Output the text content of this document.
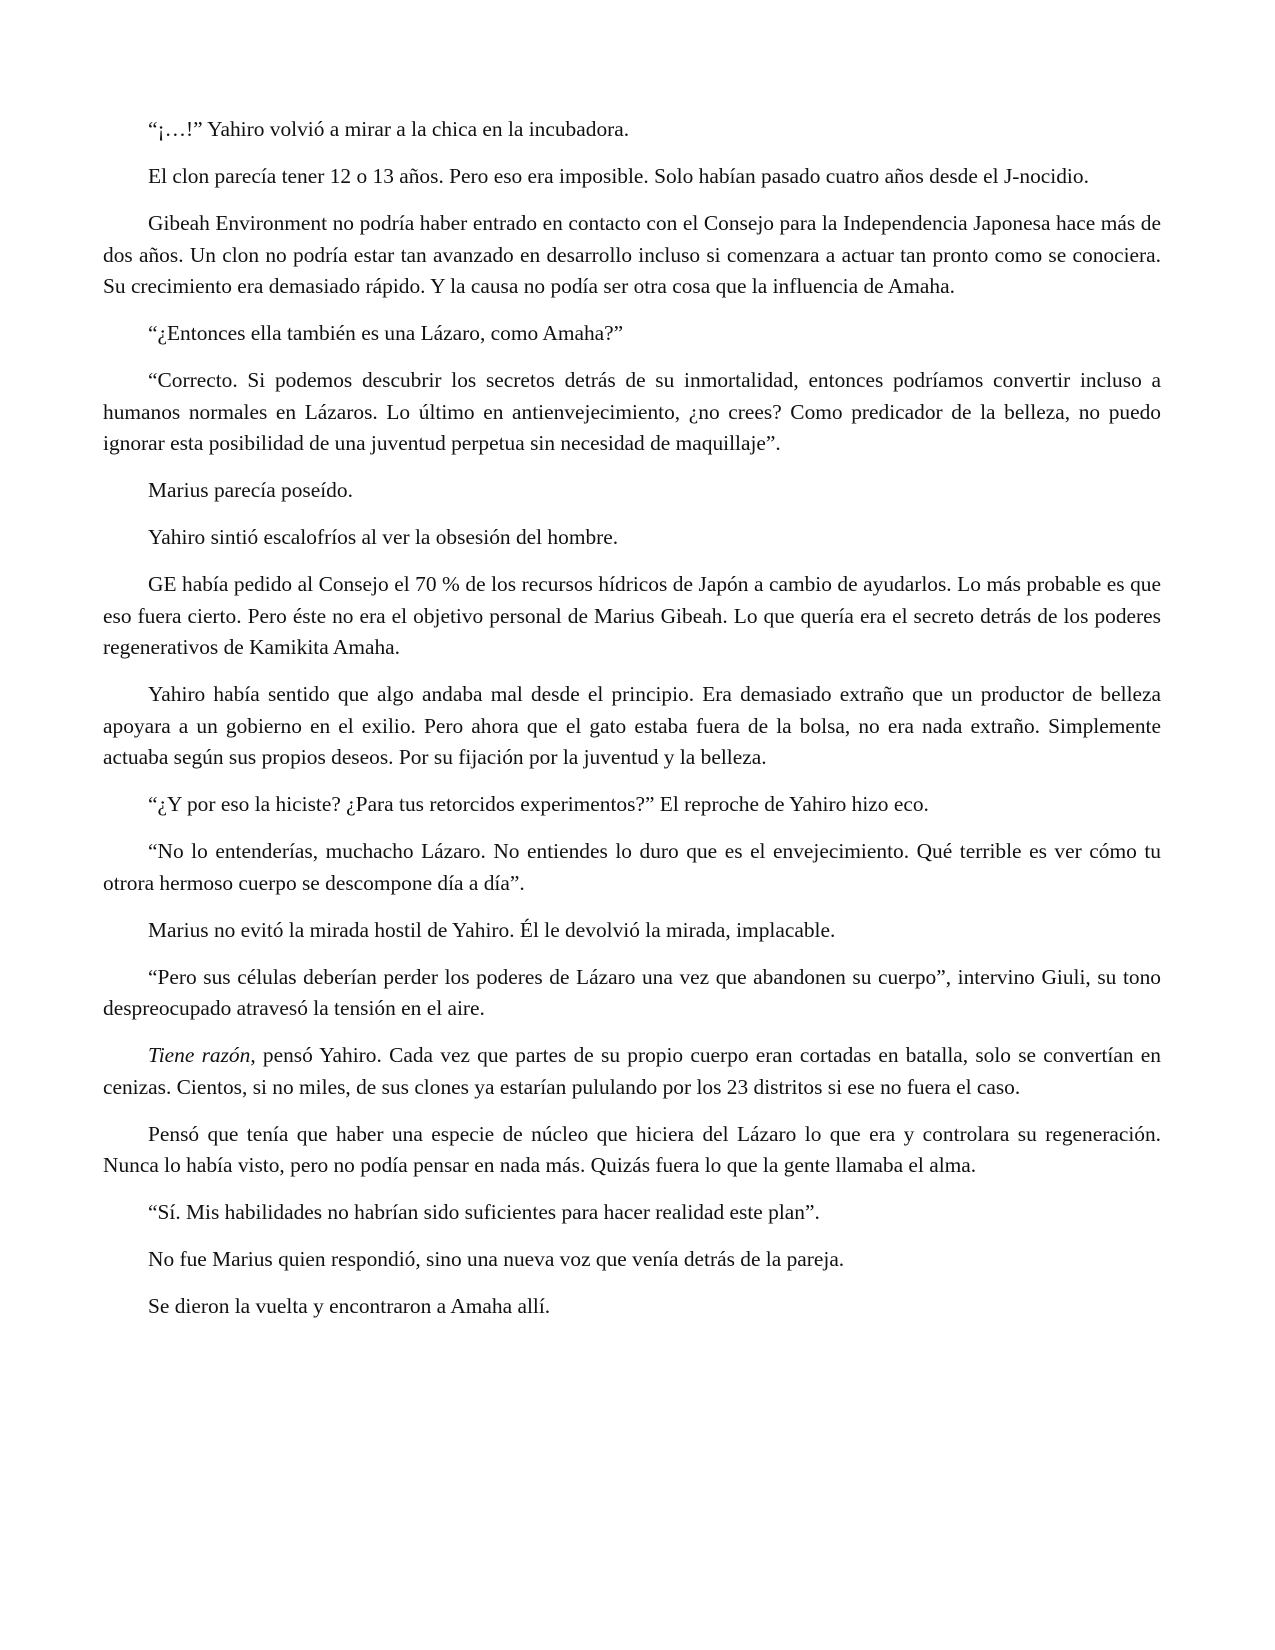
“¡…!” Yahiro volvió a mirar a la chica en la incubadora.

El clon parecía tener 12 o 13 años. Pero eso era imposible. Solo habían pasado cuatro años desde el J-nocidio.

Gibeah Environment no podría haber entrado en contacto con el Consejo para la Independencia Japonesa hace más de dos años. Un clon no podría estar tan avanzado en desarrollo incluso si comenzara a actuar tan pronto como se conociera. Su crecimiento era demasiado rápido. Y la causa no podía ser otra cosa que la influencia de Amaha.

“¿Entonces ella también es una Lázaro, como Amaha?”

“Correcto. Si podemos descubrir los secretos detrás de su inmortalidad, entonces podríamos convertir incluso a humanos normales en Lázaros. Lo último en antienvejecimiento, ¿no crees? Como predicador de la belleza, no puedo ignorar esta posibilidad de una juventud perpetua sin necesidad de maquillaje”.

Marius parecía poseído.

Yahiro sintió escalofríos al ver la obsesión del hombre.

GE había pedido al Consejo el 70 % de los recursos hídricos de Japón a cambio de ayudarlos. Lo más probable es que eso fuera cierto. Pero éste no era el objetivo personal de Marius Gibeah. Lo que quería era el secreto detrás de los poderes regenerativos de Kamikita Amaha.

Yahiro había sentido que algo andaba mal desde el principio. Era demasiado extraño que un productor de belleza apoyara a un gobierno en el exilio. Pero ahora que el gato estaba fuera de la bolsa, no era nada extraño. Simplemente actuaba según sus propios deseos. Por su fijación por la juventud y la belleza.

“¿Y por eso la hiciste? ¿Para tus retorcidos experimentos?” El reproche de Yahiro hizo eco.

“No lo entenderías, muchacho Lázaro. No entiendes lo duro que es el envejecimiento. Qué terrible es ver cómo tu otrora hermoso cuerpo se descompone día a día”.

Marius no evitó la mirada hostil de Yahiro. Él le devolvió la mirada, implacable.

“Pero sus células deberían perder los poderes de Lázaro una vez que abandonen su cuerpo”, intervino Giuli, su tono despreocupado atravesó la tensión en el aire.

Tiene razón, pensó Yahiro. Cada vez que partes de su propio cuerpo eran cortadas en batalla, solo se convertían en cenizas. Cientos, si no miles, de sus clones ya estarían pululando por los 23 distritos si ese no fuera el caso.

Pensó que tenía que haber una especie de núcleo que hiciera del Lázaro lo que era y controlara su regeneración. Nunca lo había visto, pero no podía pensar en nada más. Quizás fuera lo que la gente llamaba el alma.

“Sí. Mis habilidades no habrían sido suficientes para hacer realidad este plan”.

No fue Marius quien respondió, sino una nueva voz que venía detrás de la pareja.

Se dieron la vuelta y encontraron a Amaha allí.
